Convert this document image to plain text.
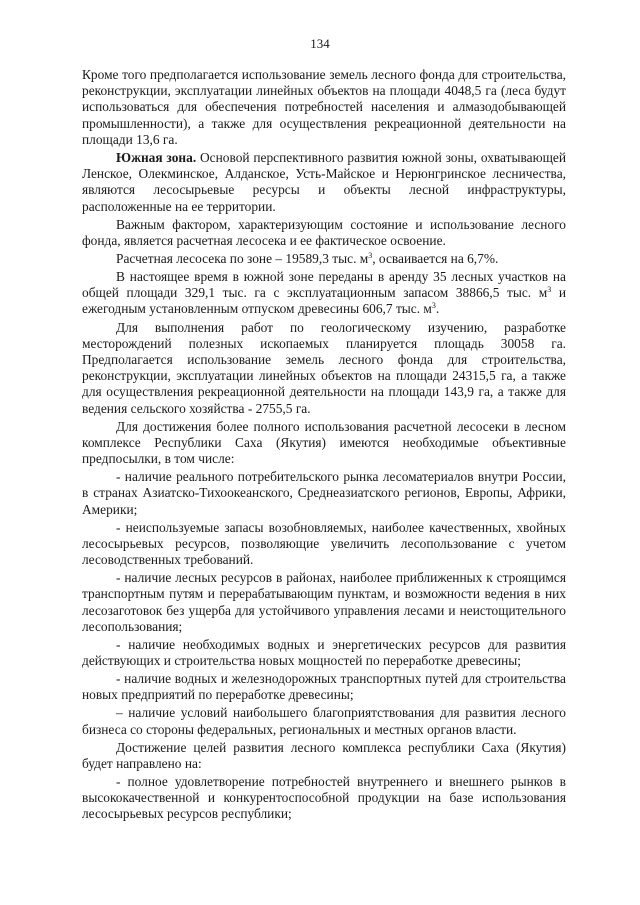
134

Кроме того предполагается использование земель лесного фонда для строительства, реконструкции, эксплуатации линейных объектов на площади 4048,5 га (леса будут использоваться для обеспечения потребностей населения и алмазодобывающей промышленности), а также для осуществления рекреационной деятельности на площади 13,6 га.

Южная зона. Основой перспективного развития южной зоны, охватывающей Ленское, Олекминское, Алданское, Усть-Майское и Нерюнгринское лесничества, являются лесосырьевые ресурсы и объекты лесной инфраструктуры, расположенные на ее территории.

Важным фактором, характеризующим состояние и использование лесного фонда, является расчетная лесосека и ее фактическое освоение.

Расчетная лесосека по зоне – 19589,3 тыс. $м^3$, осваивается на 6,7%.

В настоящее время в южной зоне переданы в аренду 35 лесных участков на общей площади 329,1 тыс. га с эксплуатационным запасом 38866,5 тыс. $м^3$ и ежегодным установленным отпуском древесины 606,7 тыс. $м^3$.

Для выполнения работ по геологическому изучению, разработке месторождений полезных ископаемых планируется площадь 30058 га. Предполагается использование земель лесного фонда для строительства, реконструкции, эксплуатации линейных объектов на площади 24315,5 га, а также для осуществления рекреационной деятельности на площади 143,9 га, а также для ведения сельского хозяйства - 2755,5 га.

Для достижения более полного использования расчетной лесосеки в лесном комплексе Республики Саха (Якутия) имеются необходимые объективные предпосылки, в том числе:

- наличие реального потребительского рынка лесоматериалов внутри России, в странах Азиатско-Тихоокеанского, Среднеазиатского регионов, Европы, Африки, Америки;

- неиспользуемые запасы возобновляемых, наиболее качественных, хвойных лесосырьевых ресурсов, позволяющие увеличить лесопользование с учетом лесоводственных требований.

- наличие лесных ресурсов в районах, наиболее приближенных к строящимся транспортным путям и перерабатывающим пунктам, и возможности ведения в них лесозаготовок без ущерба для устойчивого управления лесами и неистощительного лесопользования;

- наличие необходимых водных и энергетических ресурсов для развития действующих и строительства новых мощностей по переработке древесины;

- наличие водных и железнодорожных транспортных путей для строительства новых предприятий по переработке древесины;

– наличие условий наибольшего благоприятствования для развития лесного бизнеса со стороны федеральных, региональных и местных органов власти.

Достижение целей развития лесного комплекса республики Саха (Якутия) будет направлено на:

- полное удовлетворение потребностей внутреннего и внешнего рынков в высококачественной и конкурентоспособной продукции на базе использования лесосырьевых ресурсов республики;
